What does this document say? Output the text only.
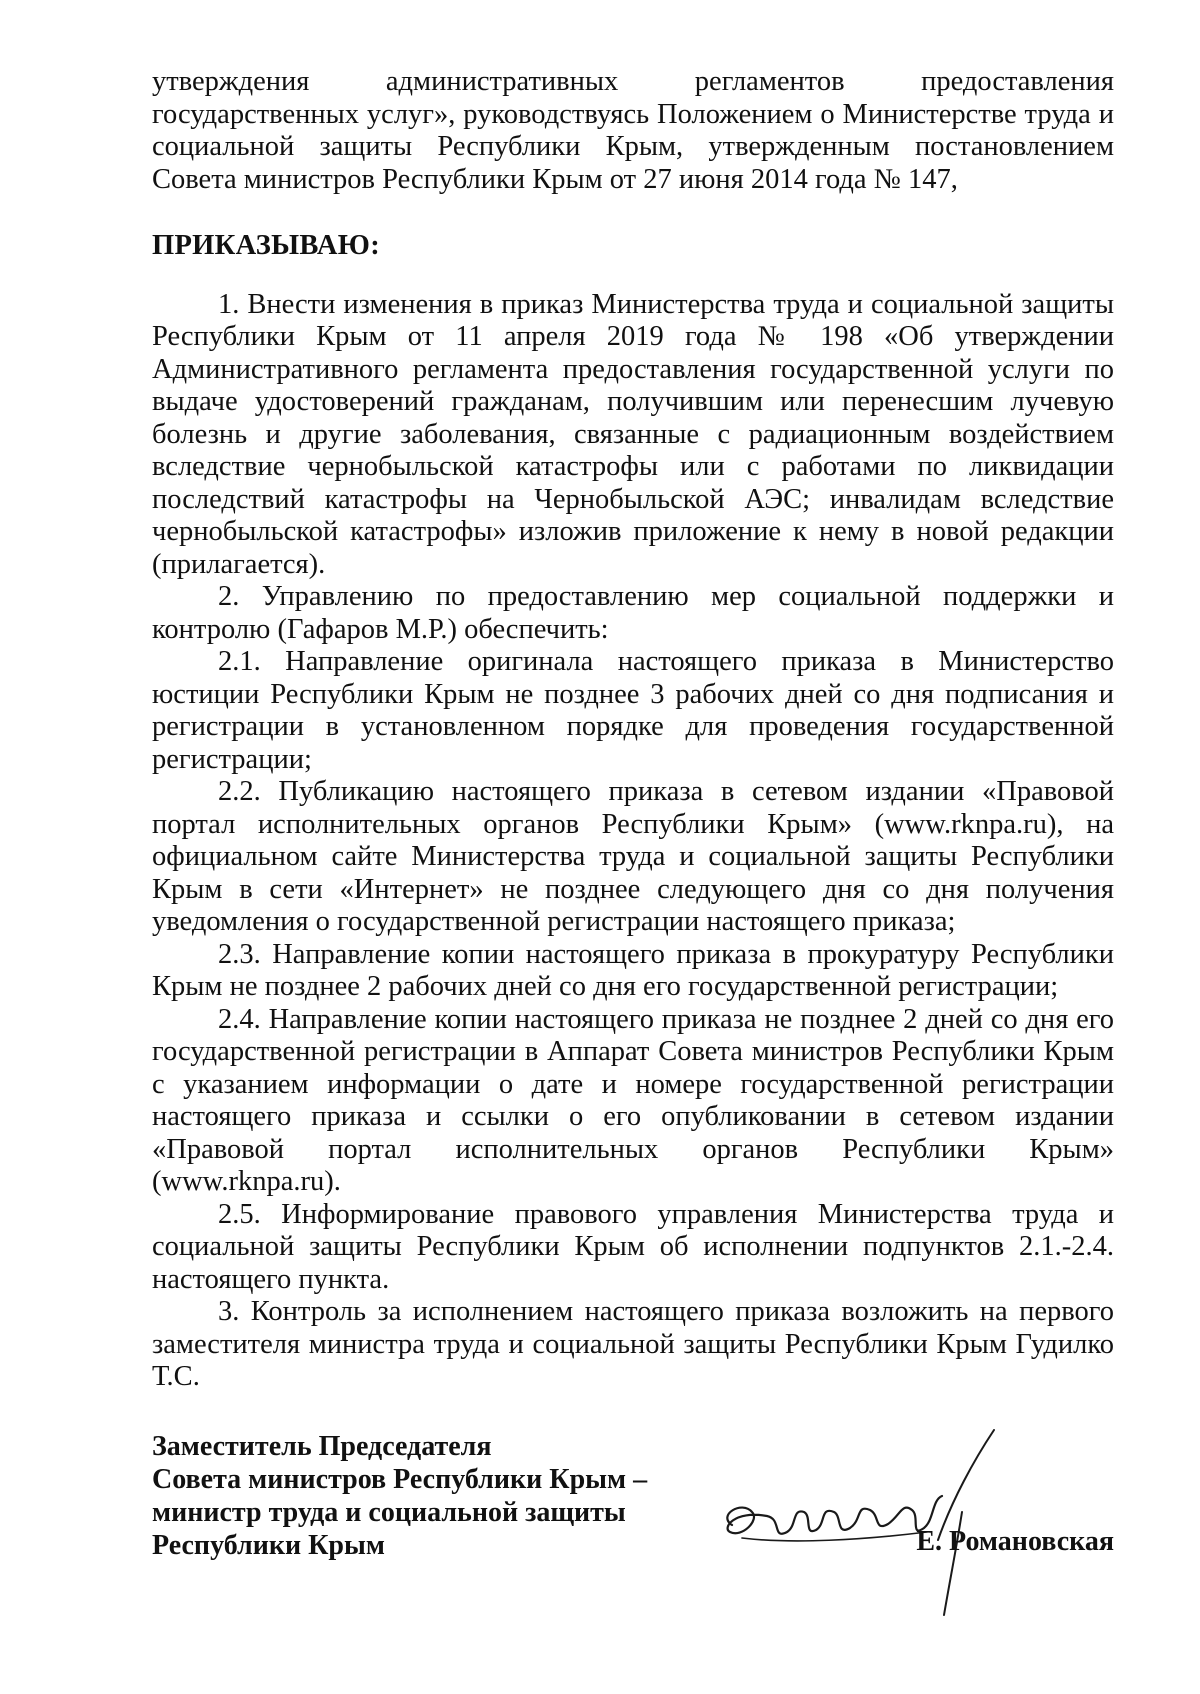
утверждения административных регламентов предоставления государственных услуг», руководствуясь Положением о Министерстве труда и социальной защиты Республики Крым, утвержденным постановлением Совета министров Республики Крым от 27 июня 2014 года № 147,

ПРИКАЗЫВАЮ:

1. Внести изменения в приказ Министерства труда и социальной защиты Республики Крым от 11 апреля 2019 года № 198 «Об утверждении Административного регламента предоставления государственной услуги по выдаче удостоверений гражданам, получившим или перенесшим лучевую болезнь и другие заболевания, связанные с радиационным воздействием вследствие чернобыльской катастрофы или с работами по ликвидации последствий катастрофы на Чернобыльской АЭС; инвалидам вследствие чернобыльской катастрофы» изложив приложение к нему в новой редакции (прилагается).

2. Управлению по предоставлению мер социальной поддержки и контролю (Гафаров М.Р.) обеспечить:

2.1. Направление оригинала настоящего приказа в Министерство юстиции Республики Крым не позднее 3 рабочих дней со дня подписания и регистрации в установленном порядке для проведения государственной регистрации;

2.2. Публикацию настоящего приказа в сетевом издании «Правовой портал исполнительных органов Республики Крым» (www.rknpa.ru), на официальном сайте Министерства труда и социальной защиты Республики Крым в сети «Интернет» не позднее следующего дня со дня получения уведомления о государственной регистрации настоящего приказа;

2.3. Направление копии настоящего приказа в прокуратуру Республики Крым не позднее 2 рабочих дней со дня его государственной регистрации;

2.4. Направление копии настоящего приказа не позднее 2 дней со дня его государственной регистрации в Аппарат Совета министров Республики Крым с указанием информации о дате и номере государственной регистрации настоящего приказа и ссылки о его опубликовании в сетевом издании «Правовой портал исполнительных органов Республики Крым» (www.rknpa.ru).

2.5. Информирование правового управления Министерства труда и социальной защиты Республики Крым об исполнении подпунктов 2.1.-2.4. настоящего пункта.

3. Контроль за исполнением настоящего приказа возложить на первого заместителя министра труда и социальной защиты Республики Крым Гудилко Т.С.

Заместитель Председателя
Совета министров Республики Крым –
министр труда и социальной защиты
Республики Крым	Е. Романовская
